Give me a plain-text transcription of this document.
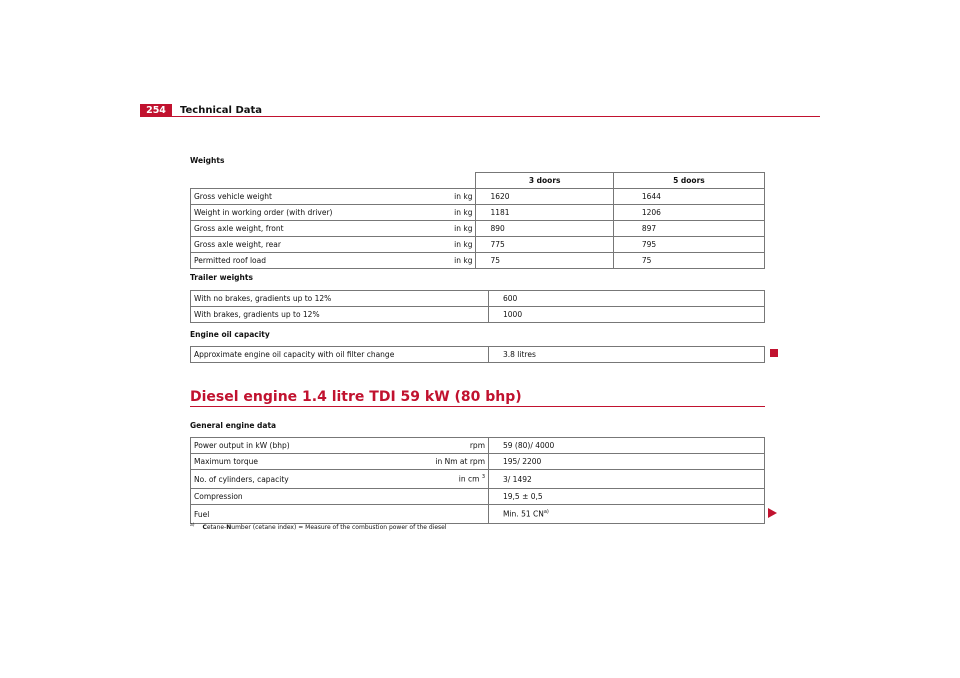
254	Technical Data
Weights
		3 doors	5 doors
Gross vehicle weight	in kg	1620	1644
Weight in working order (with driver)	in kg	1181	1206
Gross axle weight, front	in kg	890	897
Gross axle weight, rear	in kg	775	795
Permitted roof load	in kg	75	75
Trailer weights
With no brakes, gradients up to 12%	600
With brakes, gradients up to 12%	1000
Engine oil capacity
Approximate engine oil capacity with oil filter change	3.8 litres
Diesel engine 1.4 litre TDI 59 kW (80 bhp)
General engine data
Power output in kW (bhp)	rpm	59 (80)/ 4000
Maximum torque	in Nm at rpm	195/ 2200
No. of cylinders, capacity	in cm $^3$	3/ 1492
Compression		19,5 ± 0,5
Fuel		Min. 51 CN$^{a)}$
$^{a)}$ Cetane-Number (cetane index) = Measure of the combustion power of the diesel
